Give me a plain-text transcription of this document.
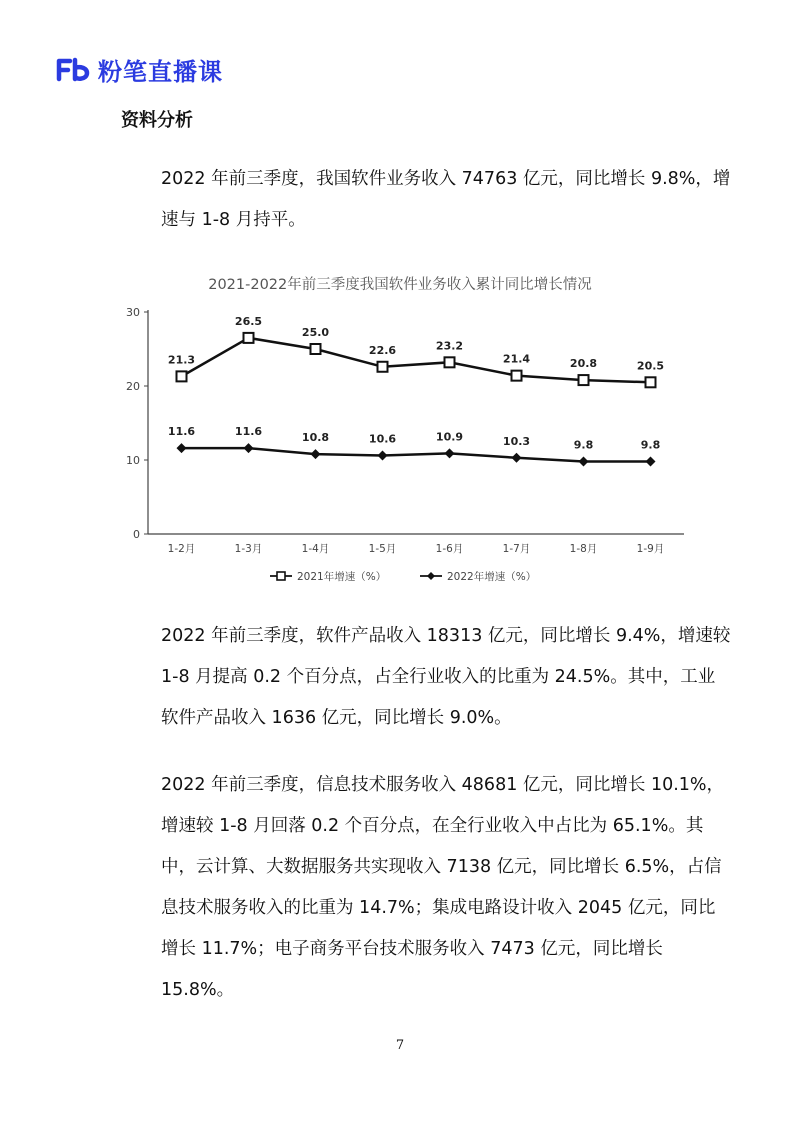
粉笔直播课
资料分析

2022 年前三季度，我国软件业务收入 74763 亿元，同比增长 9.8%，增速与 1-8 月持平。

2021-2022年前三季度我国软件业务收入累计同比增长情况
0
10
20
30
1-2月	1-3月	1-4月	1-5月	1-6月	1-7月	1-8月	1-9月
21.3
26.5
25.0
22.6	23.2
21.4	20.8	20.5
11.6	11.6	10.8	10.6	10.9	10.3	9.8	9.8
2021年增速（%）	2022年增速（%）

2022 年前三季度，软件产品收入 18313 亿元，同比增长 9.4%，增速较 1-8 月提高 0.2 个百分点，占全行业收入的比重为 24.5%。其中，工业软件产品收入 1636 亿元，同比增长 9.0%。

2022 年前三季度，信息技术服务收入 48681 亿元，同比增长 10.1%，增速较 1-8 月回落 0.2 个百分点，在全行业收入中占比为 65.1%。其中，云计算、大数据服务共实现收入 7138 亿元，同比增长 6.5%，占信息技术服务收入的比重为 14.7%；集成电路设计收入 2045 亿元，同比增长 11.7%；电子商务平台技术服务收入 7473 亿元，同比增长 15.8%。

7
